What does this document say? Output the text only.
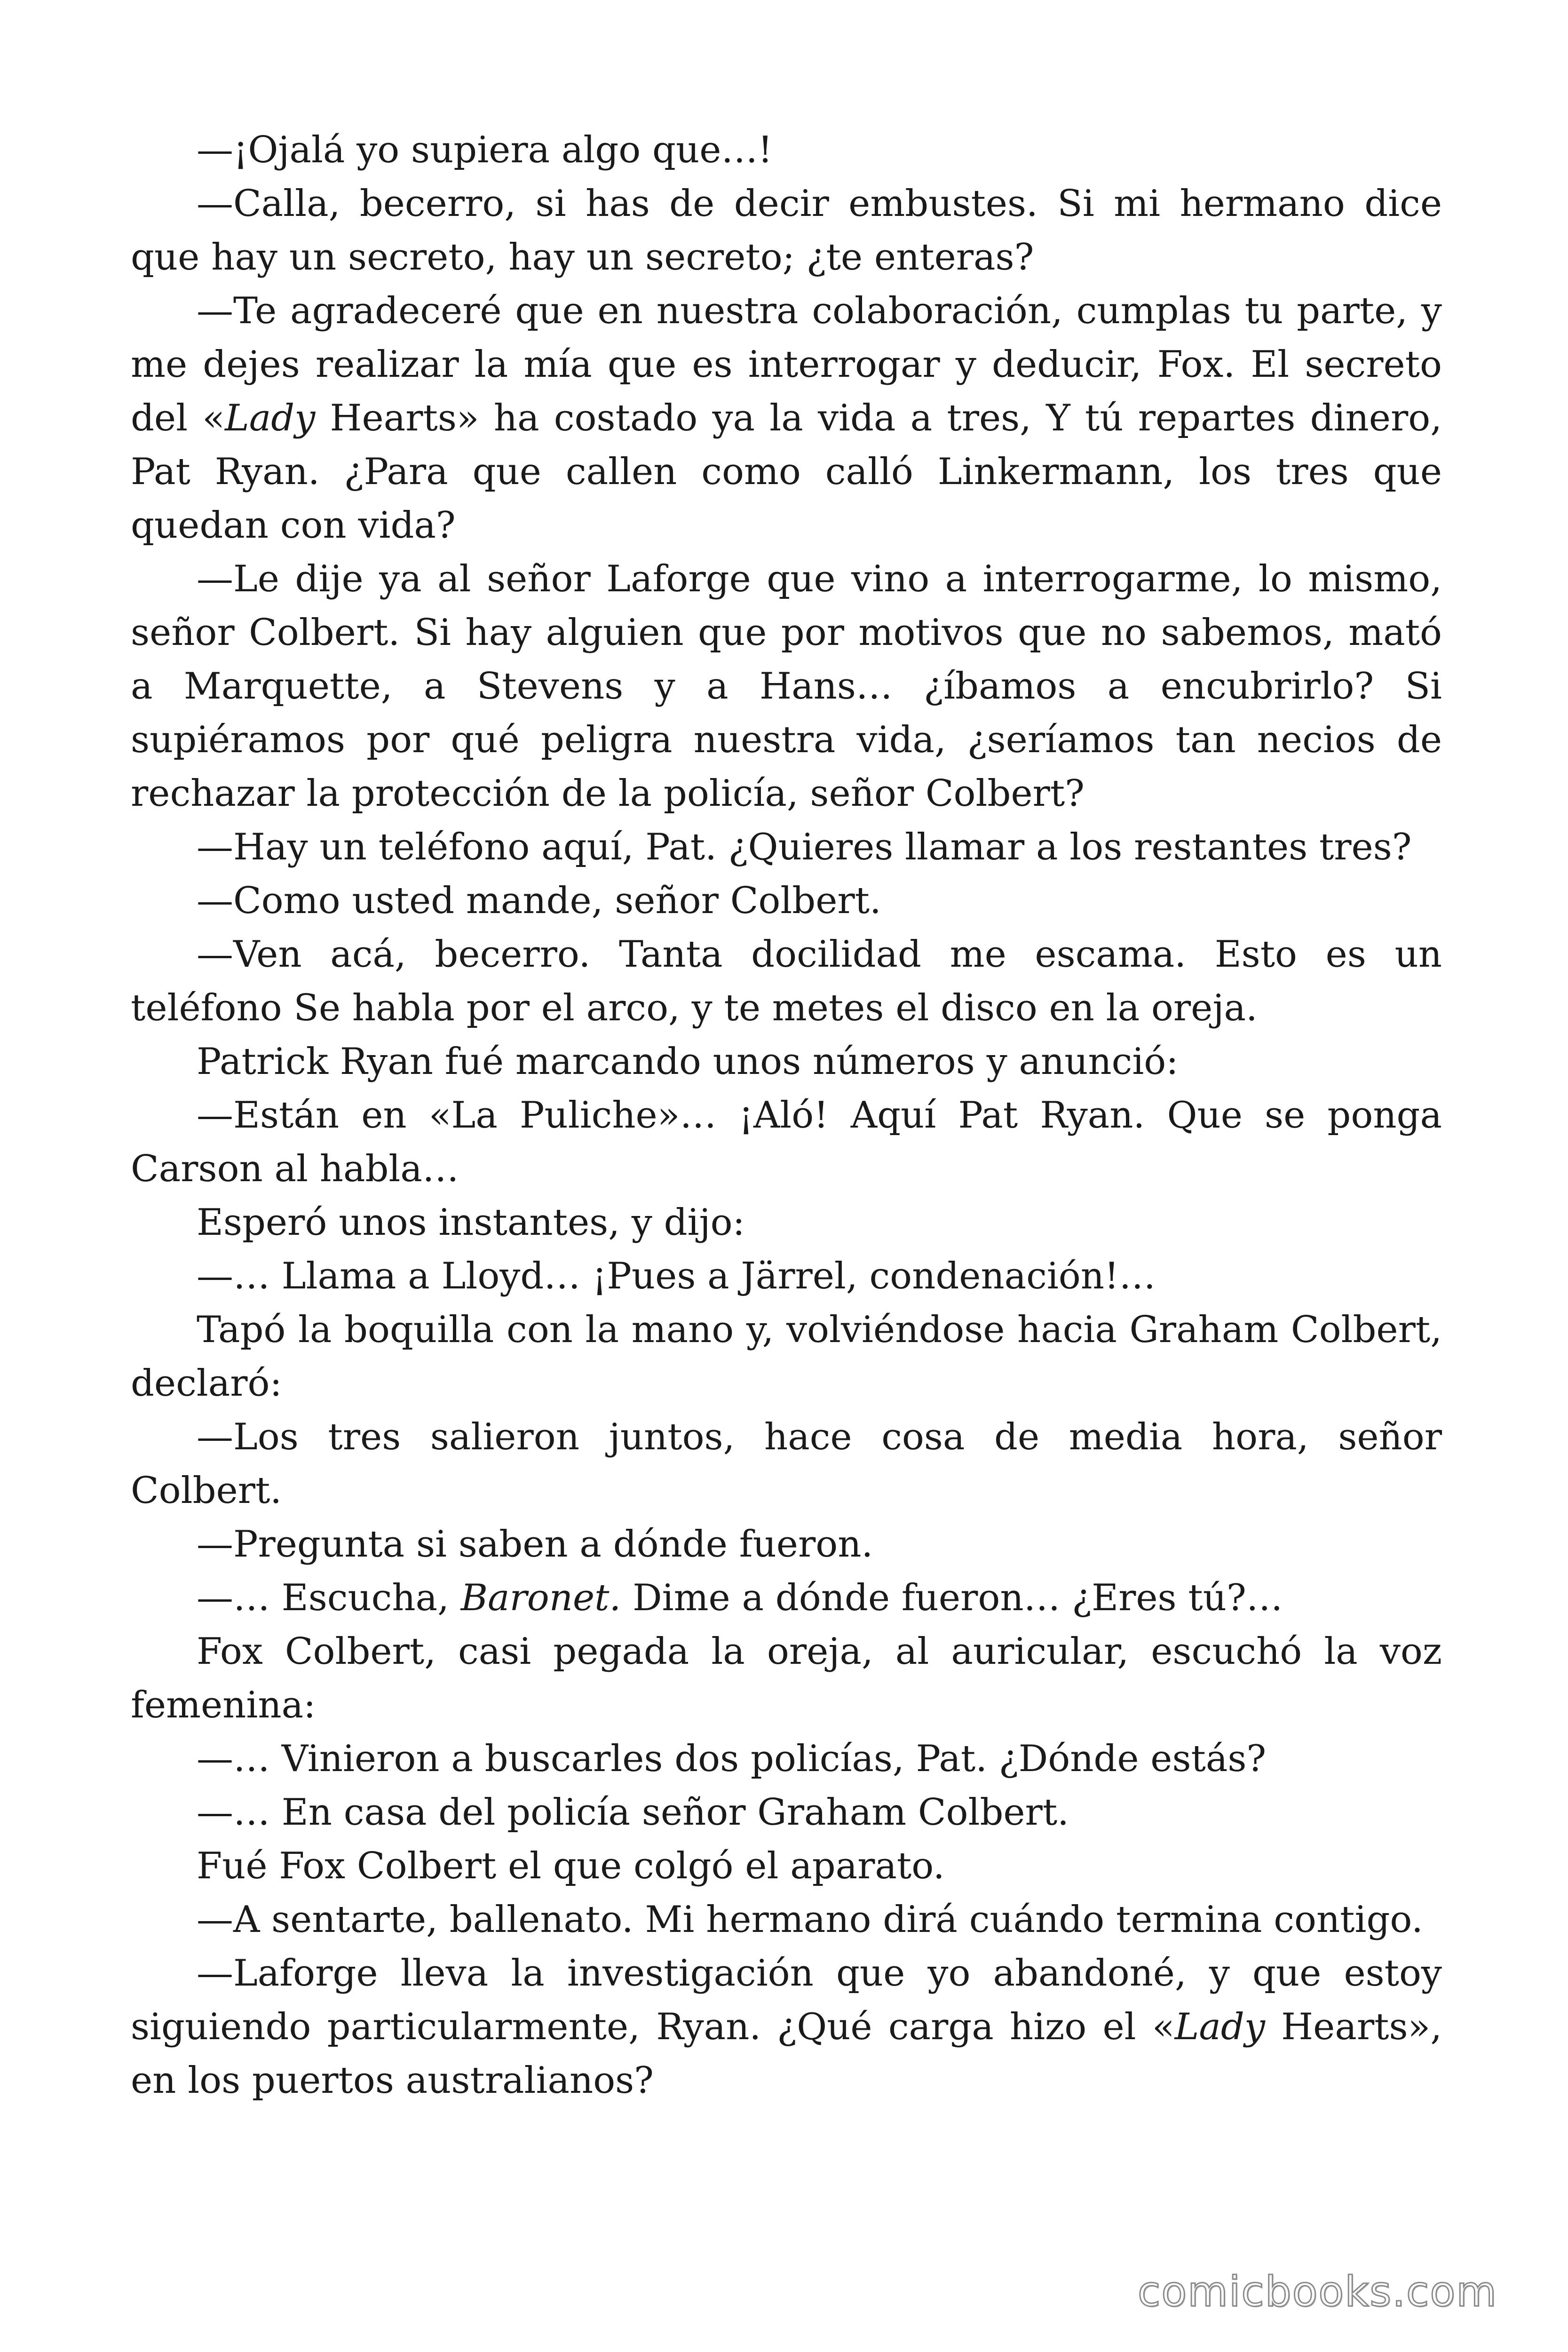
—¡Ojalá yo supiera algo que…!

—Calla, becerro, si has de decir embustes. Si mi hermano dice que hay un secreto, hay un secreto; ¿te enteras?

—Te agradeceré que en nuestra colaboración, cumplas tu parte, y me dejes realizar la mía que es interrogar y deducir, Fox. El secreto del «Lady Hearts» ha costado ya la vida a tres, Y tú repartes dinero, Pat Ryan. ¿Para que callen como calló Linkermann, los tres que quedan con vida?

—Le dije ya al señor Laforge que vino a interrogarme, lo mismo, señor Colbert. Si hay alguien que por motivos que no sabemos, mató a Marquette, a Stevens y a Hans… ¿íbamos a encubrirlo? Si supiéramos por qué peligra nuestra vida, ¿seríamos tan necios de rechazar la protección de la policía, señor Colbert?

—Hay un teléfono aquí, Pat. ¿Quieres llamar a los restantes tres?

—Como usted mande, señor Colbert.

—Ven acá, becerro. Tanta docilidad me escama. Esto es un teléfono Se habla por el arco, y te metes el disco en la oreja.

Patrick Ryan fué marcando unos números y anunció:

—Están en «La Puliche»… ¡Aló! Aquí Pat Ryan. Que se ponga Carson al habla…

Esperó unos instantes, y dijo:

—… Llama a Lloyd… ¡Pues a Järrel, condenación!…

Tapó la boquilla con la mano y, volviéndose hacia Graham Colbert, declaró:

—Los tres salieron juntos, hace cosa de media hora, señor Colbert.

—Pregunta si saben a dónde fueron.

—… Escucha, Baronet. Dime a dónde fueron… ¿Eres tú?…

Fox Colbert, casi pegada la oreja, al auricular, escuchó la voz femenina:

—… Vinieron a buscarles dos policías, Pat. ¿Dónde estás?

—… En casa del policía señor Graham Colbert.

Fué Fox Colbert el que colgó el aparato.

—A sentarte, ballenato. Mi hermano dirá cuándo termina contigo.

—Laforge lleva la investigación que yo abandoné, y que estoy siguiendo particularmente, Ryan. ¿Qué carga hizo el «Lady Hearts», en los puertos australianos?

comicbooks.com
